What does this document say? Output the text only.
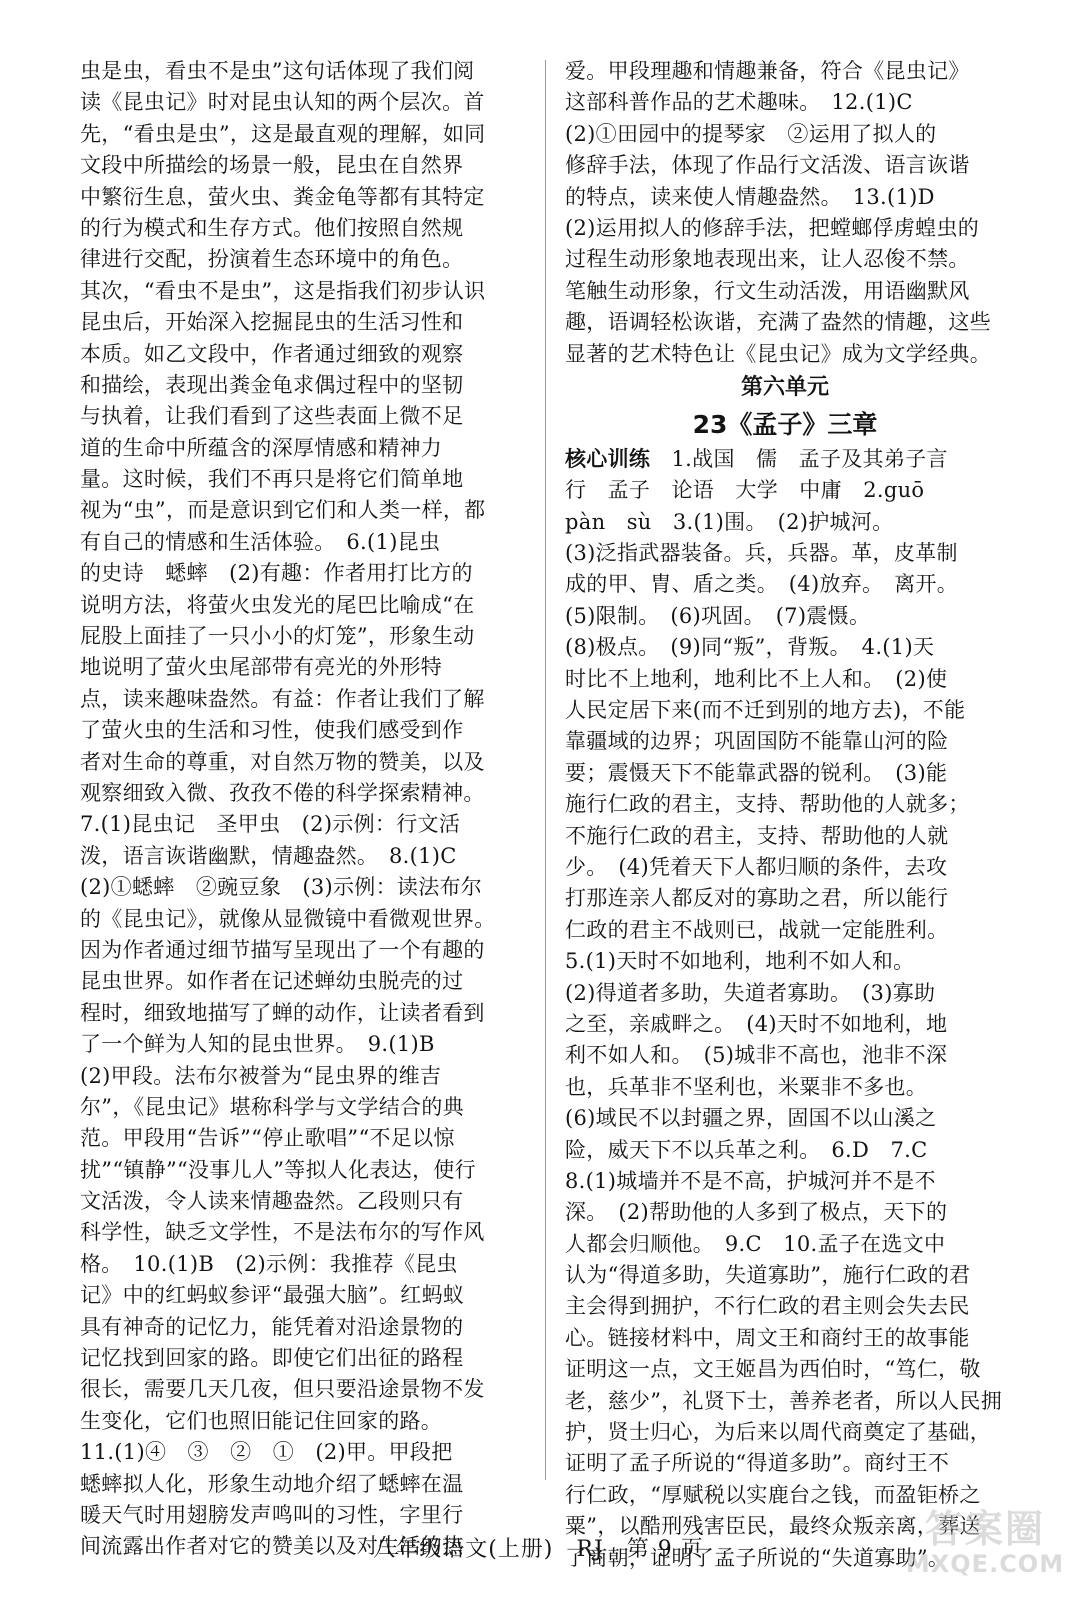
虫是虫，看虫不是虫”这句话体现了我们阅
读《昆虫记》时对昆虫认知的两个层次。首
先，“看虫是虫”，这是最直观的理解，如同
文段中所描绘的场景一般，昆虫在自然界
中繁衍生息，萤火虫、粪金龟等都有其特定
的行为模式和生存方式。他们按照自然规
律进行交配，扮演着生态环境中的角色。
其次，“看虫不是虫”，这是指我们初步认识
昆虫后，开始深入挖掘昆虫的生活习性和
本质。如乙文段中，作者通过细致的观察
和描绘，表现出粪金龟求偶过程中的坚韧
与执着，让我们看到了这些表面上微不足
道的生命中所蕴含的深厚情感和精神力
量。这时候，我们不再只是将它们简单地
视为“虫”，而是意识到它们和人类一样，都
有自己的情感和生活体验。　6.(1)昆虫
的史诗　蟋蟀　(2)有趣：作者用打比方的
说明方法，将萤火虫发光的尾巴比喻成“在
屁股上面挂了一只小小的灯笼”，形象生动
地说明了萤火虫尾部带有亮光的外形特
点，读来趣味盎然。有益：作者让我们了解
了萤火虫的生活和习性，使我们感受到作
者对生命的尊重，对自然万物的赞美，以及
观察细致入微、孜孜不倦的科学探索精神。
7.(1)昆虫记　圣甲虫　(2)示例：行文活
泼，语言诙谐幽默，情趣盎然。　8.(1)C
(2)①蟋蟀　②豌豆象　(3)示例：读法布尔
的《昆虫记》，就像从显微镜中看微观世界。
因为作者通过细节描写呈现出了一个有趣的
昆虫世界。如作者在记述蝉幼虫脱壳的过
程时，细致地描写了蝉的动作，让读者看到
了一个鲜为人知的昆虫世界。　9.(1)B
(2)甲段。法布尔被誉为“昆虫界的维吉
尔”，《昆虫记》堪称科学与文学结合的典
范。甲段用“告诉”“停止歌唱”“不足以惊
扰”“镇静”“没事儿人”等拟人化表达，使行
文活泼，令人读来情趣盎然。乙段则只有
科学性，缺乏文学性，不是法布尔的写作风
格。　10.(1)B　(2)示例：我推荐《昆虫
记》中的红蚂蚁参评“最强大脑”。红蚂蚁
具有神奇的记忆力，能凭着对沿途景物的
记忆找到回家的路。即使它们出征的路程
很长，需要几天几夜，但只要沿途景物不发
生变化，它们也照旧能记住回家的路。
11.(1)④　③　②　①　(2)甲。甲段把
蟋蟀拟人化，形象生动地介绍了蟋蟀在温
暖天气时用翅膀发声鸣叫的习性，字里行
间流露出作者对它的赞美以及对生活的热
爱。甲段理趣和情趣兼备，符合《昆虫记》
这部科普作品的艺术趣味。　12.(1)C
(2)①田园中的提琴家　②运用了拟人的
修辞手法，体现了作品行文活泼、语言诙谐
的特点，读来使人情趣盎然。　13.(1)D
(2)运用拟人的修辞手法，把螳螂俘虏蝗虫的
过程生动形象地表现出来，让人忍俊不禁。
笔触生动形象，行文生动活泼，用语幽默风
趣，语调轻松诙谐，充满了盎然的情趣，这些
显著的艺术特色让《昆虫记》成为文学经典。
第六单元
23《孟子》三章
核心训练　1.战国　儒　孟子及其弟子言
行　孟子　论语　大学　中庸　2.guō
pàn　sù　3.(1)围。　(2)护城河。
(3)泛指武器装备。兵，兵器。革，皮革制
成的甲、胄、盾之类。　(4)放弃。　离开。
(5)限制。　(6)巩固。　(7)震慑。
(8)极点。　(9)同“叛”，背叛。　4.(1)天
时比不上地利，地利比不上人和。　(2)使
人民定居下来(而不迁到别的地方去)，不能
靠疆域的边界；巩固国防不能靠山河的险
要；震慑天下不能靠武器的锐利。　(3)能
施行仁政的君主，支持、帮助他的人就多；
不施行仁政的君主，支持、帮助他的人就
少。　(4)凭着天下人都归顺的条件，去攻
打那连亲人都反对的寡助之君，所以能行
仁政的君主不战则已，战就一定能胜利。
5.(1)天时不如地利，地利不如人和。
(2)得道者多助，失道者寡助。　(3)寡助
之至，亲戚畔之。　(4)天时不如地利，地
利不如人和。　(5)城非不高也，池非不深
也，兵革非不坚利也，米粟非不多也。
(6)域民不以封疆之界，固国不以山溪之
险，威天下不以兵革之利。　6.D　7.C
8.(1)城墙并不是不高，护城河并不是不
深。　(2)帮助他的人多到了极点，天下的
人都会归顺他。　9.C　10.孟子在选文中
认为“得道多助，失道寡助”，施行仁政的君
主会得到拥护，不行仁政的君主则会失去民
心。链接材料中，周文王和商纣王的故事能
证明这一点，文王姬昌为西伯时，“笃仁，敬
老，慈少”，礼贤下士，善养老者，所以人民拥
护，贤士归心，为后来以周代商奠定了基础，
证明了孟子所说的“得道多助”。商纣王不
行仁政，“厚赋税以实鹿台之钱，而盈钜桥之
粟”，以酷刑残害臣民，最终众叛亲离，葬送
了商朝，证明了孟子所说的“失道寡助”。
八年级语文(上册)　RJ　第 9 页	答案圈
MXQE.COM
